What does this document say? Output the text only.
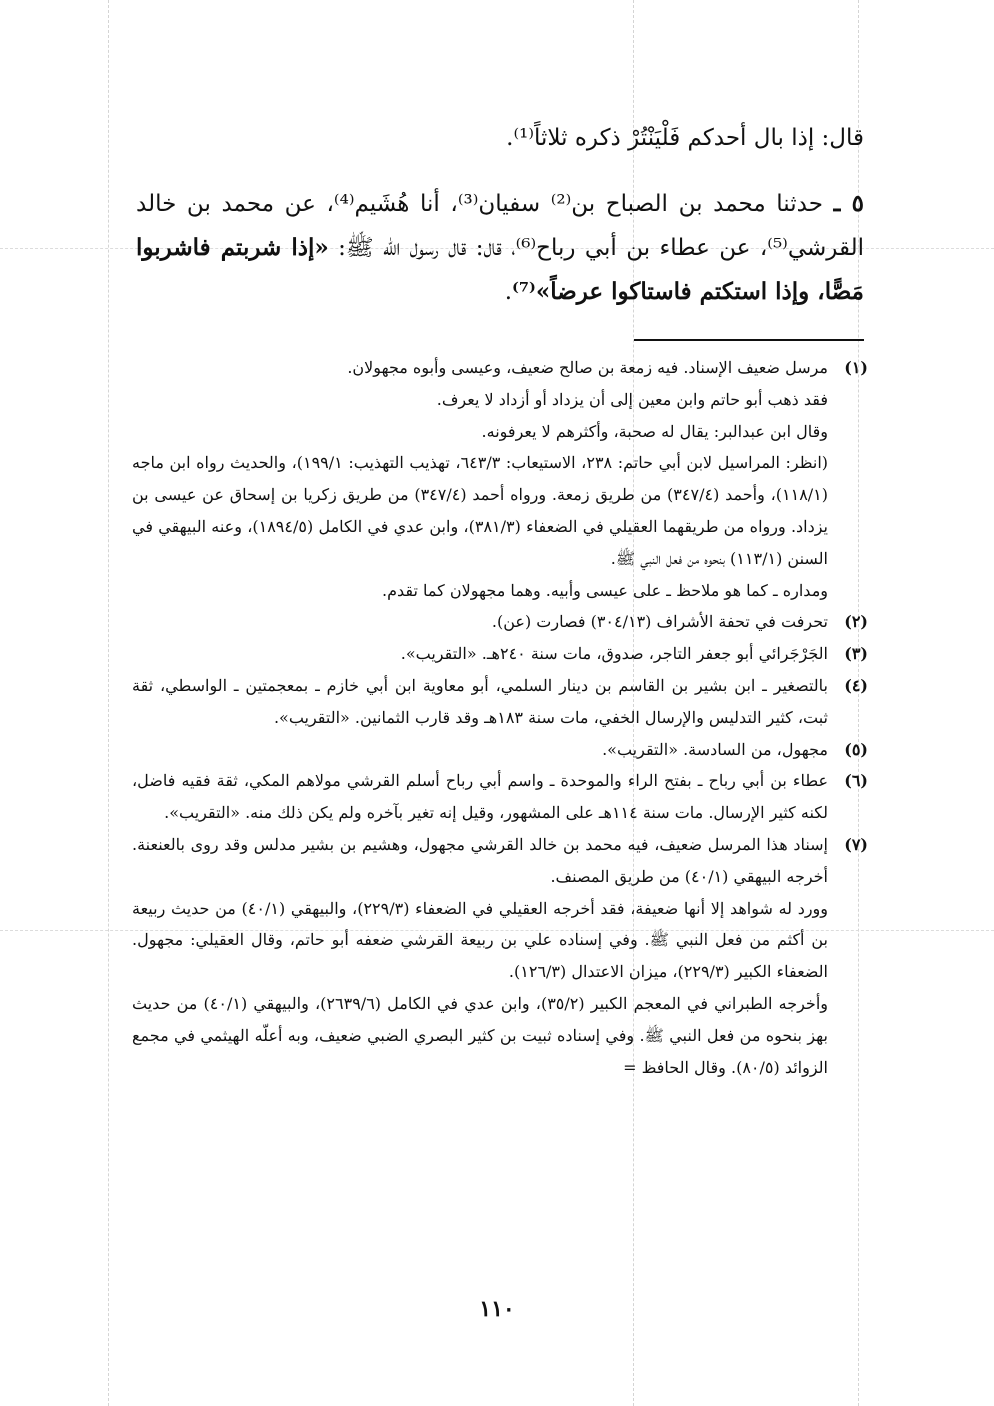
قال: إذا بال أحدكم فَلْيَنْتُرْ ذكره ثلاثاً⁽¹⁾.

٥ ـ حدثنا محمد بن الصباح بن⁽²⁾ سفيان⁽³⁾، أنا هُشَيم⁽⁴⁾، عن محمد بن خالد القرشي⁽⁵⁾، عن عطاء بن أبي رباح⁽⁶⁾، قال: قال رسول الله ﷺ: «إذا شربتم فاشربوا مَصًّا، وإذا استكتم فاستاكوا عرضاً»⁽⁷⁾.

(١)

مرسل ضعيف الإسناد. فيه زمعة بن صالح ضعيف، وعيسى وأبوه مجهولان.

فقد ذهب أبو حاتم وابن معين إلى أن يزداد أو أزداد لا يعرف.

وقال ابن عبدالبر: يقال له صحبة، وأكثرهم لا يعرفونه.

(انظر: المراسيل لابن أبي حاتم: ٢٣٨، الاستيعاب: ٦٤٣/٣، تهذيب التهذيب: ١٩٩/١)، والحديث رواه ابن ماجه (١١٨/١)، وأحمد (٣٤٧/٤) من طريق زمعة. ورواه أحمد (٣٤٧/٤) من طريق زكريا بن إسحاق عن عيسى بن يزداد. ورواه من طريقهما العقيلي في الضعفاء (٣٨١/٣)، وابن عدي في الكامل (١٨٩٤/٥)، وعنه البيهقي في السنن (١١٣/١) بنحوه من فعل النبي ﷺ.

ومداره ـ كما هو ملاحظ ـ على عيسى وأبيه. وهما مجهولان كما تقدم.

(٢)

تحرفت في تحفة الأشراف (٣٠٤/١٣) فصارت (عن).

(٣)

الجَرْجَرائي أبو جعفر التاجر، صدوق، مات سنة ٢٤٠هـ. «التقريب».

(٤)

بالتصغير ـ ابن بشير بن القاسم بن دينار السلمي، أبو معاوية ابن أبي خازم ـ بمعجمتين ـ الواسطي، ثقة ثبت، كثير التدليس والإرسال الخفي، مات سنة ١٨٣هـ وقد قارب الثمانين. «التقريب».

(٥)

مجهول، من السادسة. «التقريب».

(٦)

عطاء بن أبي رباح ـ بفتح الراء والموحدة ـ واسم أبي رباح أسلم القرشي مولاهم المكي، ثقة فقيه فاضل، لكنه كثير الإرسال. مات سنة ١١٤هـ على المشهور، وقيل إنه تغير بآخره ولم يكن ذلك منه. «التقريب».

(٧)

إسناد هذا المرسل ضعيف، فيه محمد بن خالد القرشي مجهول، وهشيم بن بشير مدلس وقد روى بالعنعنة. أخرجه البيهقي (٤٠/١) من طريق المصنف.

وورد له شواهد إلا أنها ضعيفة، فقد أخرجه العقيلي في الضعفاء (٢٢٩/٣)، والبيهقي (٤٠/١) من حديث ربيعة بن أكثم من فعل النبي ﷺ. وفي إسناده علي بن ربيعة القرشي ضعفه أبو حاتم، وقال العقيلي: مجهول. الضعفاء الكبير (٢٢٩/٣)، ميزان الاعتدال (١٢٦/٣).

وأخرجه الطبراني في المعجم الكبير (٣٥/٢)، وابن عدي في الكامل (٢٦٣٩/٦)، والبيهقي (٤٠/١) من حديث بهز بنحوه من فعل النبي ﷺ. وفي إسناده ثبيت بن كثير البصري الضبي ضعيف، وبه أعلّه الهيثمي في مجمع الزوائد (٨٠/٥). وقال الحافظ =

١١٠
